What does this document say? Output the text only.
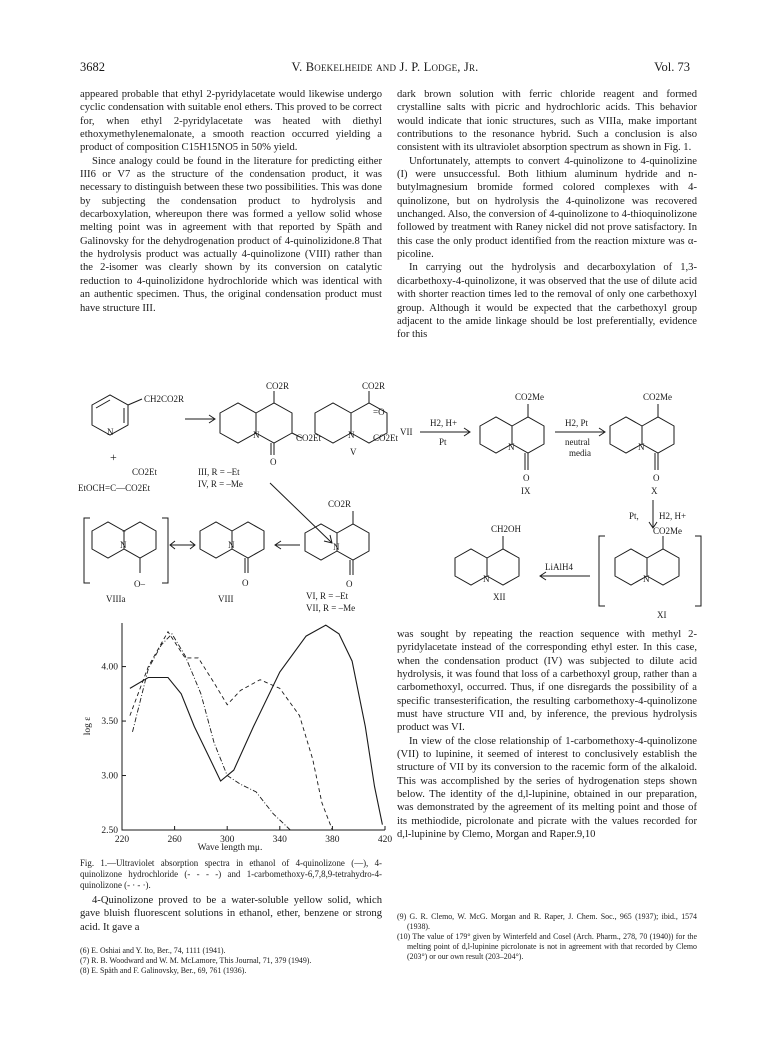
3682	V. Boekelheide and J. P. Lodge, Jr.	Vol. 73

appeared probable that ethyl 2-pyridylacetate would likewise undergo cyclic condensation with suitable enol ethers. This proved to be correct for, when ethyl 2-pyridylacetate was heated with diethyl ethoxymethylenemalonate, a smooth reaction occurred yielding a product of composition C15H15NO5 in 50% yield.

Since analogy could be found in the literature for predicting either III6 or V7 as the structure of the condensation product, it was necessary to distinguish between these two possibilities. This was done by subjecting the condensation product to hydrolysis and decarboxylation, whereupon there was formed a yellow solid whose melting point was in agreement with that reported by Späth and Galinovsky for the dehydrogenation product of 4-quinolizidone.8 That the hydrolysis product was actually 4-quinolizone (VIII) rather than the 2-isomer was clearly shown by its conversion on catalytic reduction to 4-quinolizidone hydrochloride which was identical with an authentic specimen. Thus, the original condensation product must have structure III.

CH2CO2R
N
+
CO2Et
EtOCH=C—CO2Et
CO2R	CO2R
N	CO2Et
O
N
=O
CO2Et
V
III, R = –Et
IV, R = –Me
CO2R
O–	O	O
N
+
N	N
VIIIa	VIII	VI, R = –Et
VII, R = –Me
220	260	300	340	380	420
2.50
3.00
3.50
4.00
Wave length mμ.
log ε
Fig. 1.—Ultraviolet absorption spectra in ethanol of 4-quinolizone (—), 4-quinolizone hydrochloride (- - - -) and 1-carbomethoxy-6,7,8,9-tetrahydro-4-quinolizone (- · - ·).

4-Quinolizone proved to be a water-soluble yellow solid, which gave bluish fluorescent solutions in ethanol, ether, benzene or strong acid. It gave a

(6) E. Oshiai and Y. Ito, Ber., 74, 1111 (1941).

(7) R. B. Woodward and W. M. McLamore, This Journal, 71, 379 (1949).

(8) E. Späth and F. Galinovsky, Ber., 69, 761 (1936).

dark brown solution with ferric chloride reagent and formed crystalline salts with picric and hydrochloric acids. This behavior would indicate that ionic structures, such as VIIIa, make important contributions to the resonance hybrid. Such a conclusion is also consistent with its ultraviolet absorption spectrum as shown in Fig. 1.

Unfortunately, attempts to convert 4-quinolizone to 4-quinolizine (I) were unsuccessful. Both lithium aluminum hydride and n-butylmagnesium bromide formed colored complexes with 4-quinolizone, but on hydrolysis the 4-quinolizone was recovered unchanged. Also, the conversion of 4-quinolizone to 4-thioquinolizone followed by treatment with Raney nickel did not prove satisfactory. In this case the only product identified from the reaction mixture was α-picoline.

In carrying out the hydrolysis and decarboxylation of 1,3-dicarbethoxy-4-quinolizone, it was observed that the use of dilute acid with shorter reaction times led to the removal of only one carbethoxyl group. Although it would be expected that the carbethoxyl group adjacent to the amide linkage should be lost preferentially, evidence for this

VII
H2, H+
Pt
CO2Me
N
O
IX
H2, Pt
neutral
media
CO2Me
N
O
X
Pt, H2, H+
CO2Me
N
XI
LiAlH4
CH2OH
N
XII

was sought by repeating the reaction sequence with methyl 2-pyridylacetate instead of the corresponding ethyl ester. In this case, when the condensation product (IV) was subjected to dilute acid hydrolysis, it was found that loss of a carbethoxyl group, rather than a carbomethoxyl, occurred. Thus, if one disregards the possibility of a specific transesterification, the resulting carbomethoxy-4-quinolizone must have structure VII and, by inference, the previous hydrolysis product was VI.

In view of the close relationship of 1-carbomethoxy-4-quinolizone (VII) to lupinine, it seemed of interest to conclusively establish the structure of VII by its conversion to the racemic form of the alkaloid. This was accomplished by the series of hydrogenation steps shown below. The identity of the d,l-lupinine, obtained in our preparation, was demonstrated by the agreement of its melting point and those of its methiodide, picrolonate and picrate with the values recorded for d,l-lupinine by Clemo, Morgan and Raper.9,10

(9) G. R. Clemo, W. McG. Morgan and R. Raper, J. Chem. Soc., 965 (1937); ibid., 1574 (1938).

(10) The value of 179° given by Winterfeld and Cosel (Arch. Pharm., 278, 70 (1940)) for the melting point of d,l-lupinine picrolonate is not in agreement with that recorded by Clemo (203°) or our own result (203–204°).
